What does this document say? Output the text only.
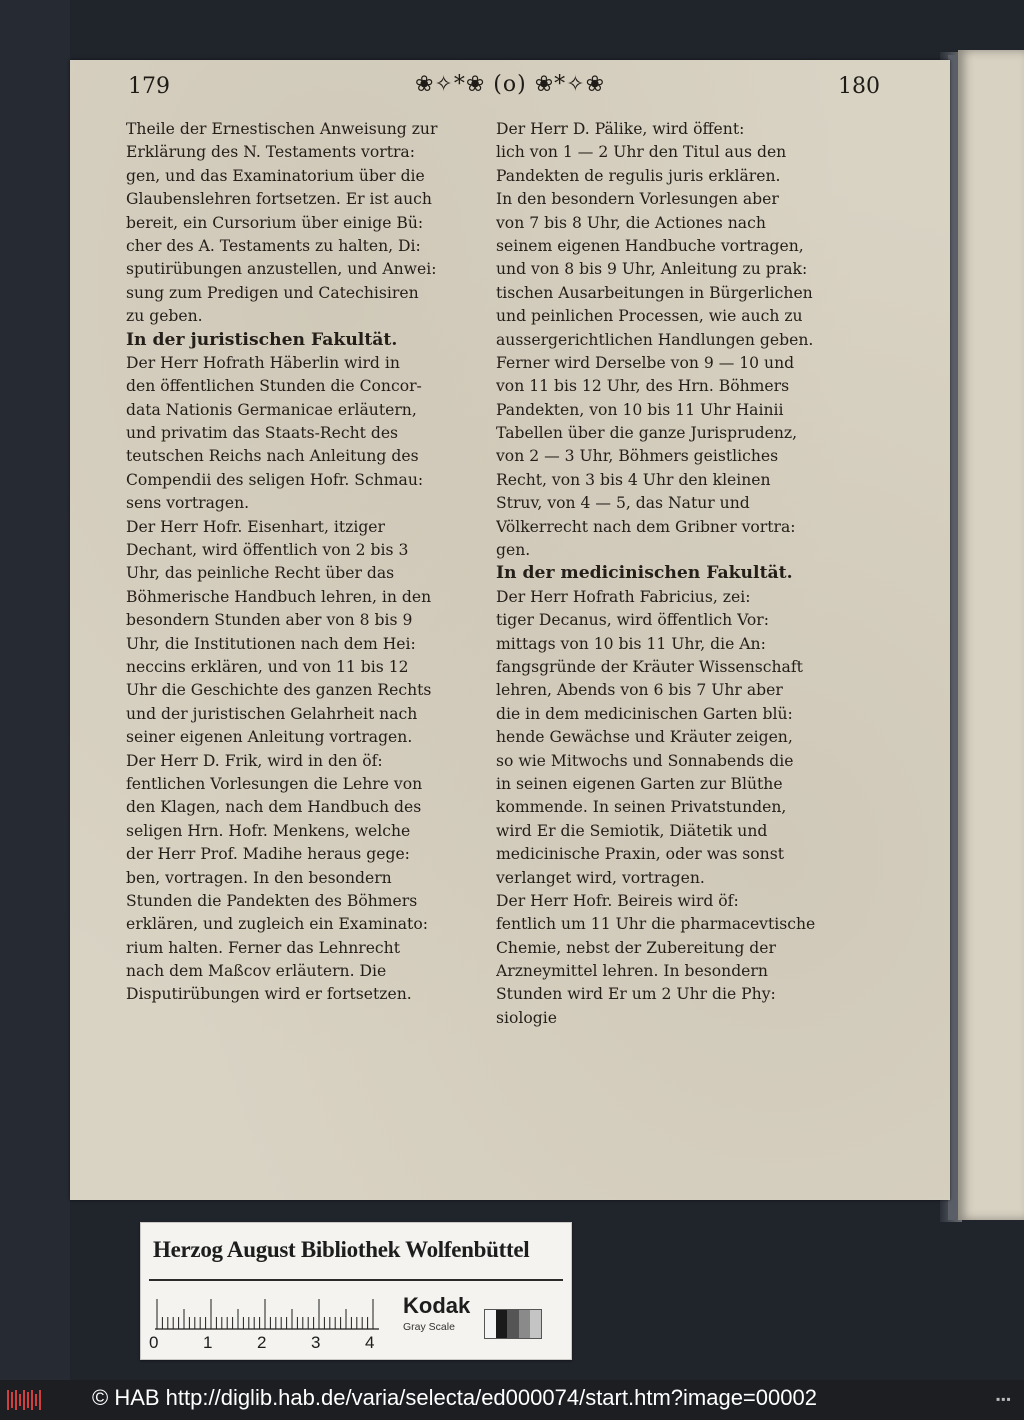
179	❀✧*❀ (o) ❀*✧❀	180
Theile der Ernestischen Anweisung zur
Erklärung des N. Testaments vortra:
gen, und das Examinatorium über die
Glaubenslehren fortsetzen. Er ist auch
bereit, ein Cursorium über einige Bü:
cher des A. Testaments zu halten, Di:
sputirübungen anzustellen, und Anwei:
sung zum Predigen und Catechisiren
zu geben.
In der juristischen Fakultät.
Der Herr Hofrath Häberlin wird in
den öffentlichen Stunden die Concor-
data Nationis Germanicae erläutern,
und privatim das Staats-Recht des
teutschen Reichs nach Anleitung des
Compendii des seligen Hofr. Schmau:
sens vortragen.
Der Herr Hofr. Eisenhart, itziger
Dechant, wird öffentlich von 2 bis 3
Uhr, das peinliche Recht über das
Böhmerische Handbuch lehren, in den
besondern Stunden aber von 8 bis 9
Uhr, die Institutionen nach dem Hei:
neccins erklären, und von 11 bis 12
Uhr die Geschichte des ganzen Rechts
und der juristischen Gelahrheit nach
seiner eigenen Anleitung vortragen.
Der Herr D. Frik, wird in den öf:
fentlichen Vorlesungen die Lehre von
den Klagen, nach dem Handbuch des
seligen Hrn. Hofr. Menkens, welche
der Herr Prof. Madihe heraus gege:
ben, vortragen. In den besondern
Stunden die Pandekten des Böhmers
erklären, und zugleich ein Examinato:
rium halten. Ferner das Lehnrecht
nach dem Maßcov erläutern. Die
Disputirübungen wird er fortsetzen.
Der Herr D. Pälike, wird öffent:
lich von 1 — 2 Uhr den Titul aus den
Pandekten de regulis juris erklären.
In den besondern Vorlesungen aber
von 7 bis 8 Uhr, die Actiones nach
seinem eigenen Handbuche vortragen,
und von 8 bis 9 Uhr, Anleitung zu prak:
tischen Ausarbeitungen in Bürgerlichen
und peinlichen Processen, wie auch zu
aussergerichtlichen Handlungen geben.
Ferner wird Derselbe von 9 — 10 und
von 11 bis 12 Uhr, des Hrn. Böhmers
Pandekten, von 10 bis 11 Uhr Hainii
Tabellen über die ganze Jurisprudenz,
von 2 — 3 Uhr, Böhmers geistliches
Recht, von 3 bis 4 Uhr den kleinen
Struv, von 4 — 5, das Natur und
Völkerrecht nach dem Gribner vortra:
gen.
In der medicinischen Fakultät.
Der Herr Hofrath Fabricius, zei:
tiger Decanus, wird öffentlich Vor:
mittags von 10 bis 11 Uhr, die An:
fangsgründe der Kräuter Wissenschaft
lehren, Abends von 6 bis 7 Uhr aber
die in dem medicinischen Garten blü:
hende Gewächse und Kräuter zeigen,
so wie Mitwochs und Sonnabends die
in seinen eigenen Garten zur Blüthe
kommende. In seinen Privatstunden,
wird Er die Semiotik, Diätetik und
medicinische Praxin, oder was sonst
verlanget wird, vortragen.
Der Herr Hofr. Beireis wird öf:
fentlich um 11 Uhr die pharmacevtische
Chemie, nebst der Zubereitung der
Arzneymittel lehren. In besondern
Stunden wird Er um 2 Uhr die Phy:
siologie
Herzog August Bibliothek Wolfenbüttel
0	1	2	3	4
Kodak
Gray Scale
© HAB http://diglib.hab.de/varia/selecta/ed000074/start.htm?image=00002	▪▪▪
